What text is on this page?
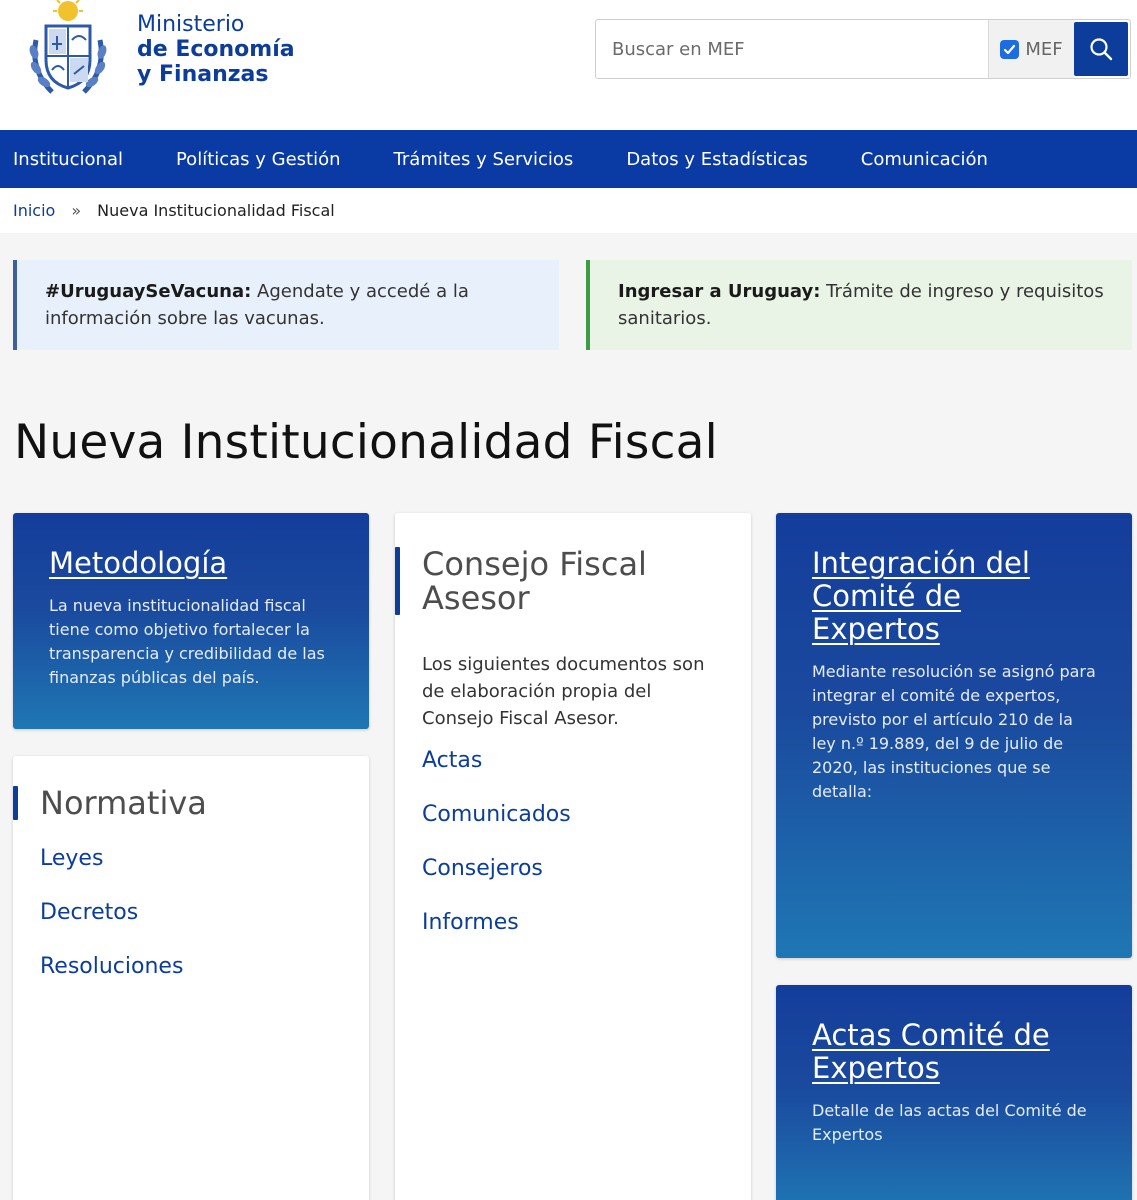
Ministerio
de Economía
y Finanzas
Buscar en MEF
MEF
Institucional	Políticas y Gestión	Trámites y Servicios	Datos y Estadísticas	Comunicación
Inicio » Nueva Institucionalidad Fiscal
#UruguaySeVacuna: Agendate y accedé a la información sobre las vacunas.
Ingresar a Uruguay: Trámite de ingreso y requisitos sanitarios.
Nueva Institucionalidad Fiscal
Metodología

La nueva institucionalidad fiscal tiene como objetivo fortalecer la transparencia y credibilidad de las finanzas públicas del país.

Normativa
Leyes
Decretos
Resoluciones
Consejo Fiscal Asesor

Los siguientes documentos son de elaboración propia del Consejo Fiscal Asesor.

Actas
Comunicados
Consejeros
Informes
Integración del Comité de Expertos

Mediante resolución se asignó para integrar el comité de expertos, previsto por el artículo 210 de la ley n.º 19.889, del 9 de julio de 2020, las instituciones que se detalla:

Actas Comité de Expertos

Detalle de las actas del Comité de Expertos
